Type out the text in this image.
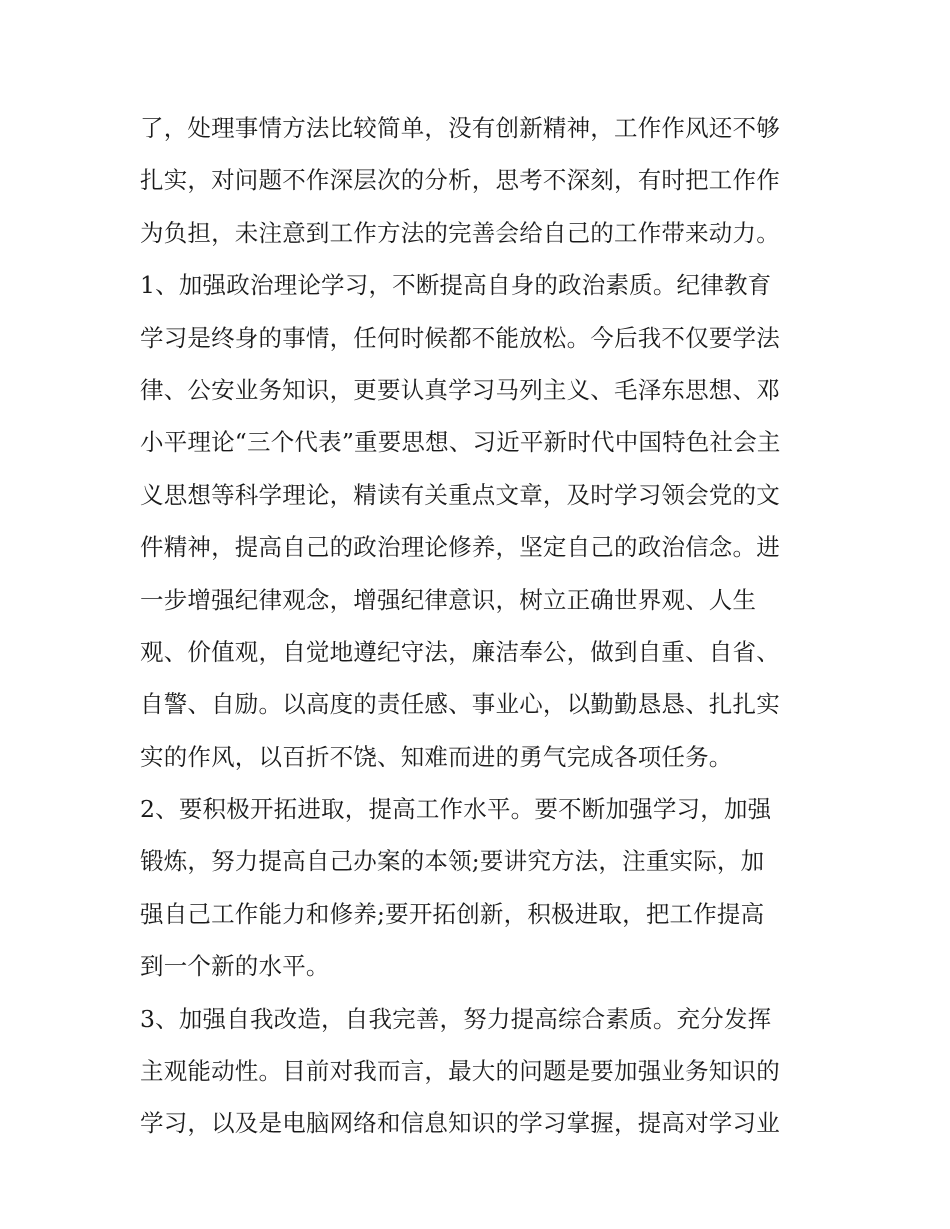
了，处理事情方法比较简单，没有创新精神，工作作风还不够
扎实，对问题不作深层次的分析，思考不深刻，有时把工作作
为负担，未注意到工作方法的完善会给自己的工作带来动力。
1、加强政治理论学习，不断提高自身的政治素质。纪律教育
学习是终身的事情，任何时候都不能放松。今后我不仅要学法
律、公安业务知识，更要认真学习马列主义、毛泽东思想、邓
小平理论“三个代表”重要思想、习近平新时代中国特色社会主
义思想等科学理论，精读有关重点文章，及时学习领会党的文
件精神，提高自己的政治理论修养，坚定自己的政治信念。进
一步增强纪律观念，增强纪律意识，树立正确世界观、人生
观、价值观，自觉地遵纪守法，廉洁奉公，做到自重、自省、
自警、自励。以高度的责任感、事业心，以勤勤恳恳、扎扎实
实的作风，以百折不饶、知难而进的勇气完成各项任务。
2、要积极开拓进取，提高工作水平。要不断加强学习，加强
锻炼，努力提高自己办案的本领;要讲究方法，注重实际，加
强自己工作能力和修养;要开拓创新，积极进取，把工作提高
到一个新的水平。
3、加强自我改造，自我完善，努力提高综合素质。充分发挥
主观能动性。目前对我而言，最大的问题是要加强业务知识的
学习，以及是电脑网络和信息知识的学习掌握，提高对学习业
